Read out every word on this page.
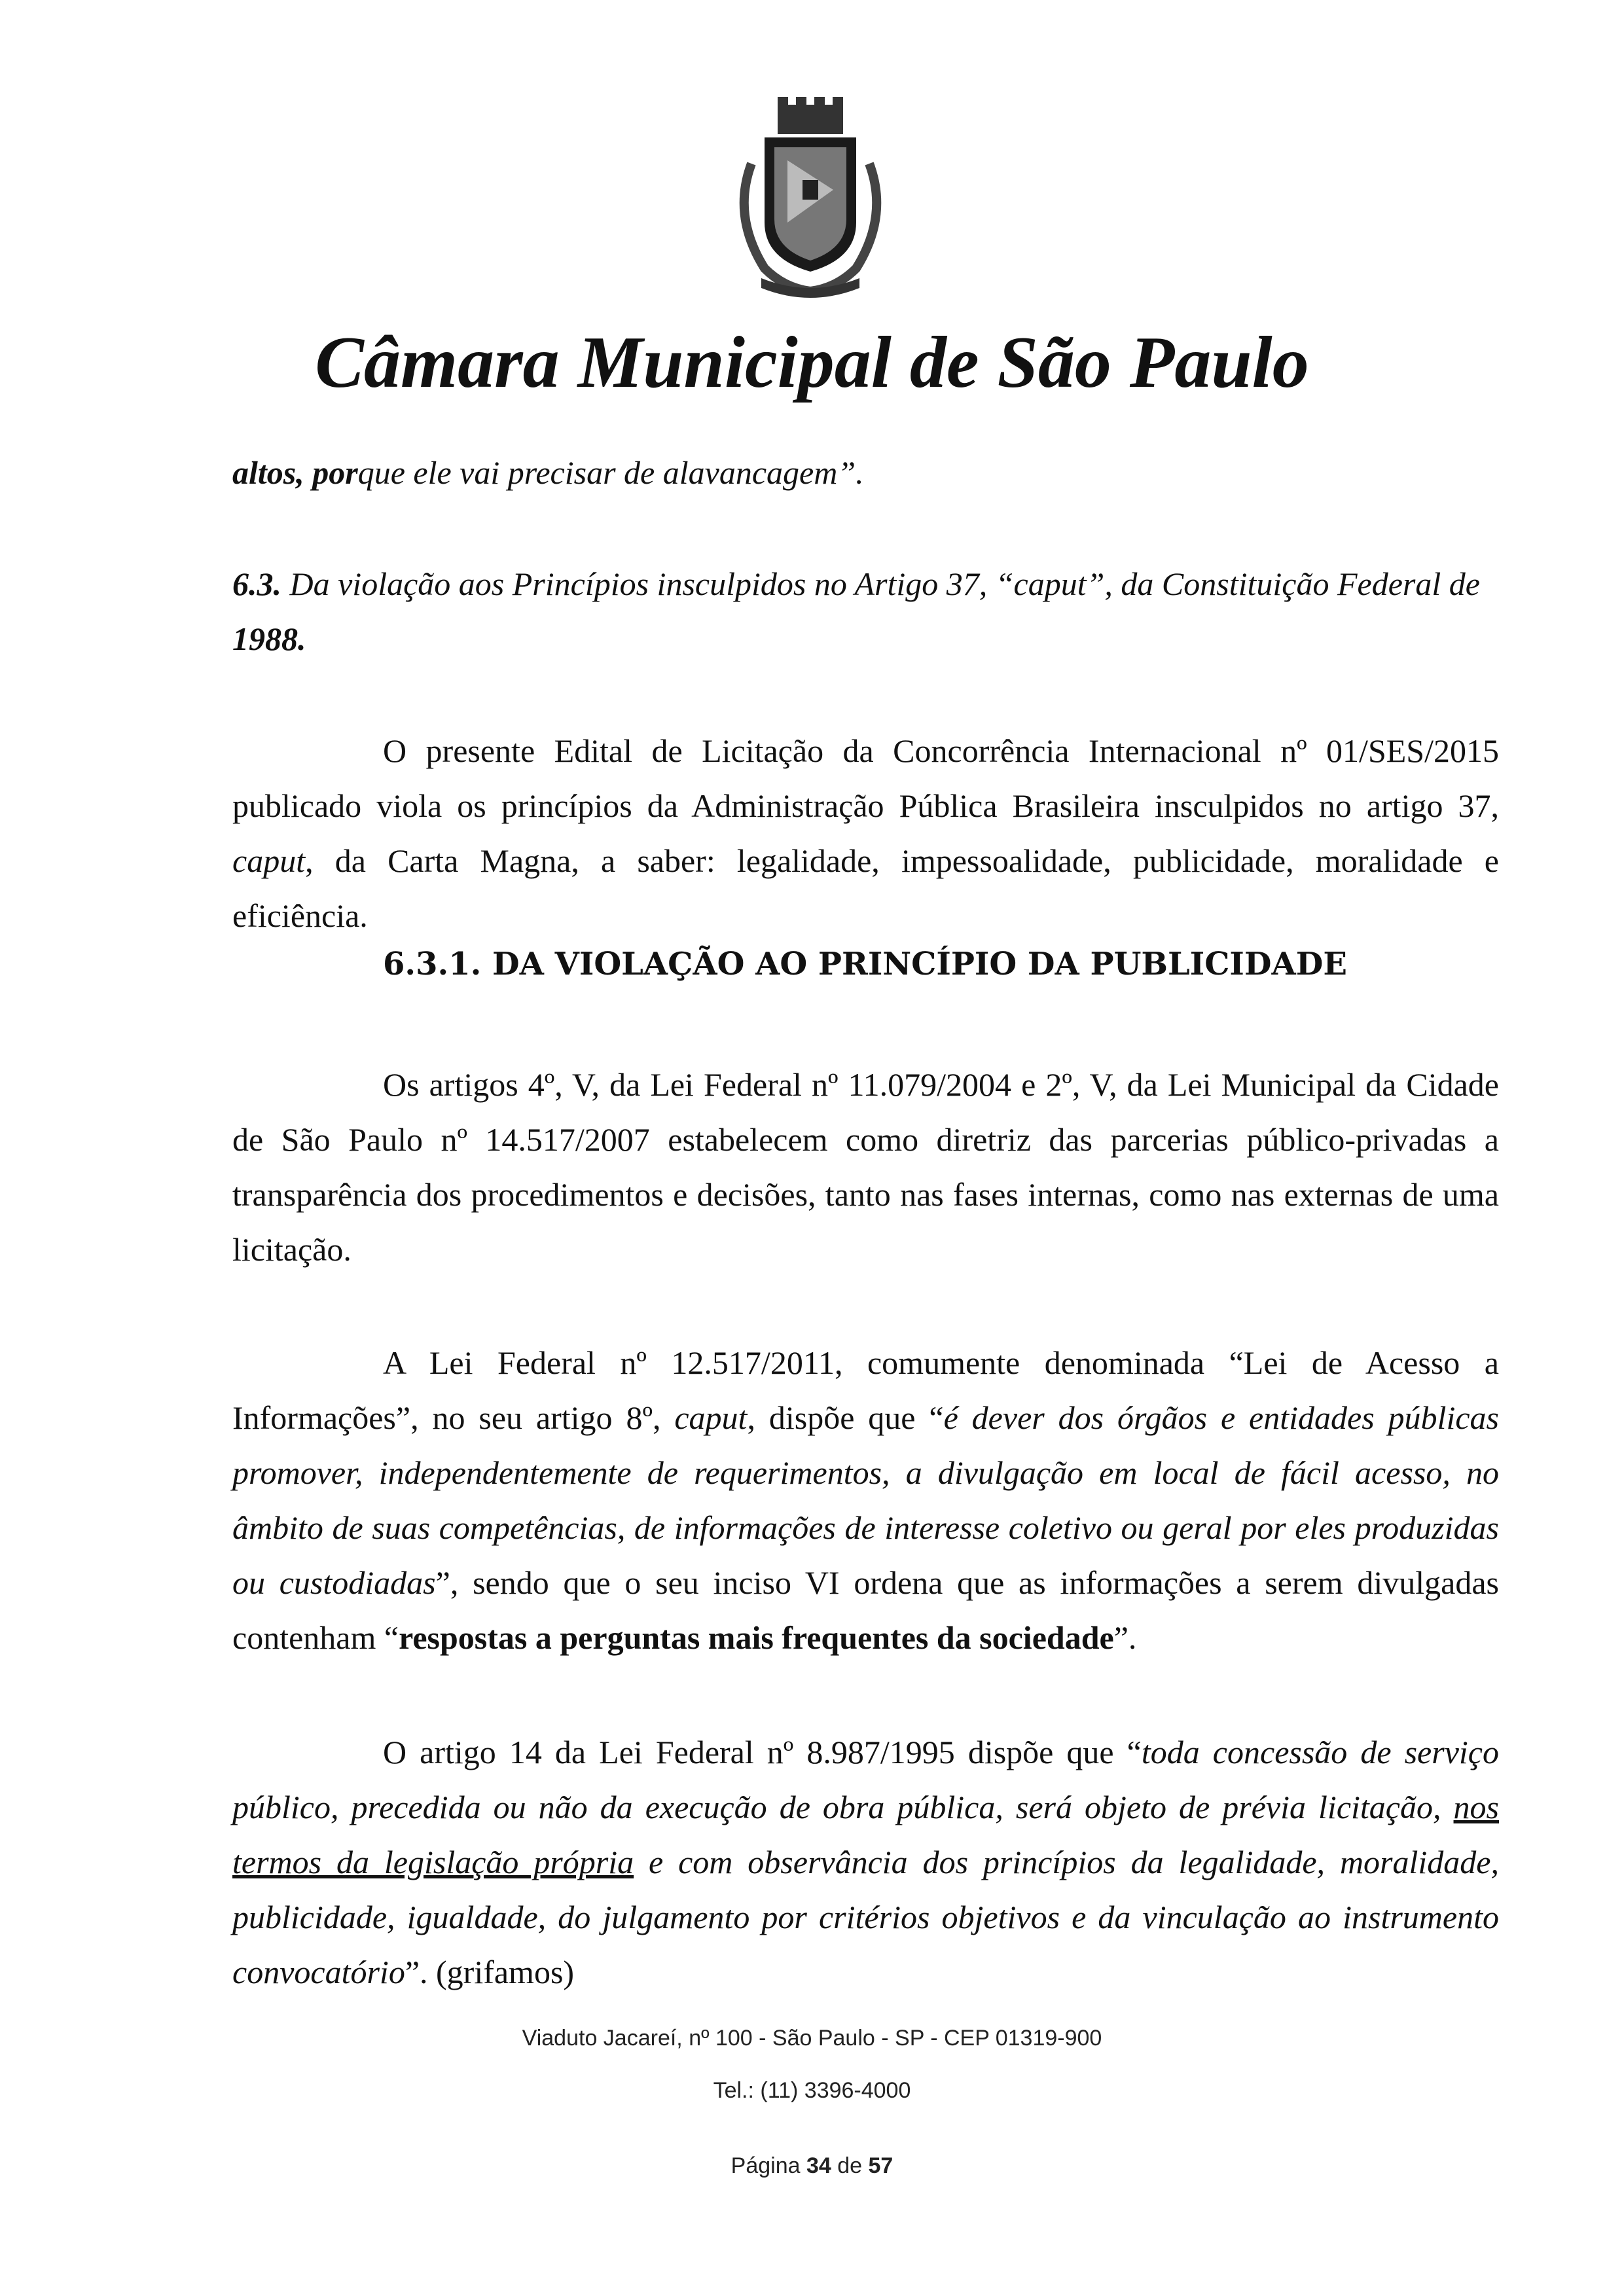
Câmara Municipal de São Paulo
altos, porque ele vai precisar de alavancagem”.
6.3. Da violação aos Princípios insculpidos no Artigo 37, “caput”, da Constituição Federal de 1988.
O presente Edital de Licitação da Concorrência Internacional nº 01/SES/2015 publicado viola os princípios da Administração Pública Brasileira insculpidos no artigo 37, caput, da Carta Magna, a saber: legalidade, impessoalidade, publicidade, moralidade e eficiência.
6.3.1. DA VIOLAÇÃO AO PRINCÍPIO DA PUBLICIDADE
Os artigos 4º, V, da Lei Federal nº 11.079/2004 e 2º, V, da Lei Municipal da Cidade de São Paulo nº 14.517/2007 estabelecem como diretriz das parcerias público-privadas a transparência dos procedimentos e decisões, tanto nas fases internas, como nas externas de uma licitação.
A Lei Federal nº 12.517/2011, comumente denominada “Lei de Acesso a Informações”, no seu artigo 8º, caput, dispõe que “é dever dos órgãos e entidades públicas promover, independentemente de requerimentos, a divulgação em local de fácil acesso, no âmbito de suas competências, de informações de interesse coletivo ou geral por eles produzidas ou custodiadas”, sendo que o seu inciso VI ordena que as informações a serem divulgadas contenham “respostas a perguntas mais frequentes da sociedade”.
O artigo 14 da Lei Federal nº 8.987/1995 dispõe que “toda concessão de serviço público, precedida ou não da execução de obra pública, será objeto de prévia licitação, nos termos da legislação própria e com observância dos princípios da legalidade, moralidade, publicidade, igualdade, do julgamento por critérios objetivos e da vinculação ao instrumento convocatório”. (grifamos)
Viaduto Jacareí, nº 100 - São Paulo - SP - CEP 01319-900
Tel.: (11) 3396-4000
Página 34 de 57
